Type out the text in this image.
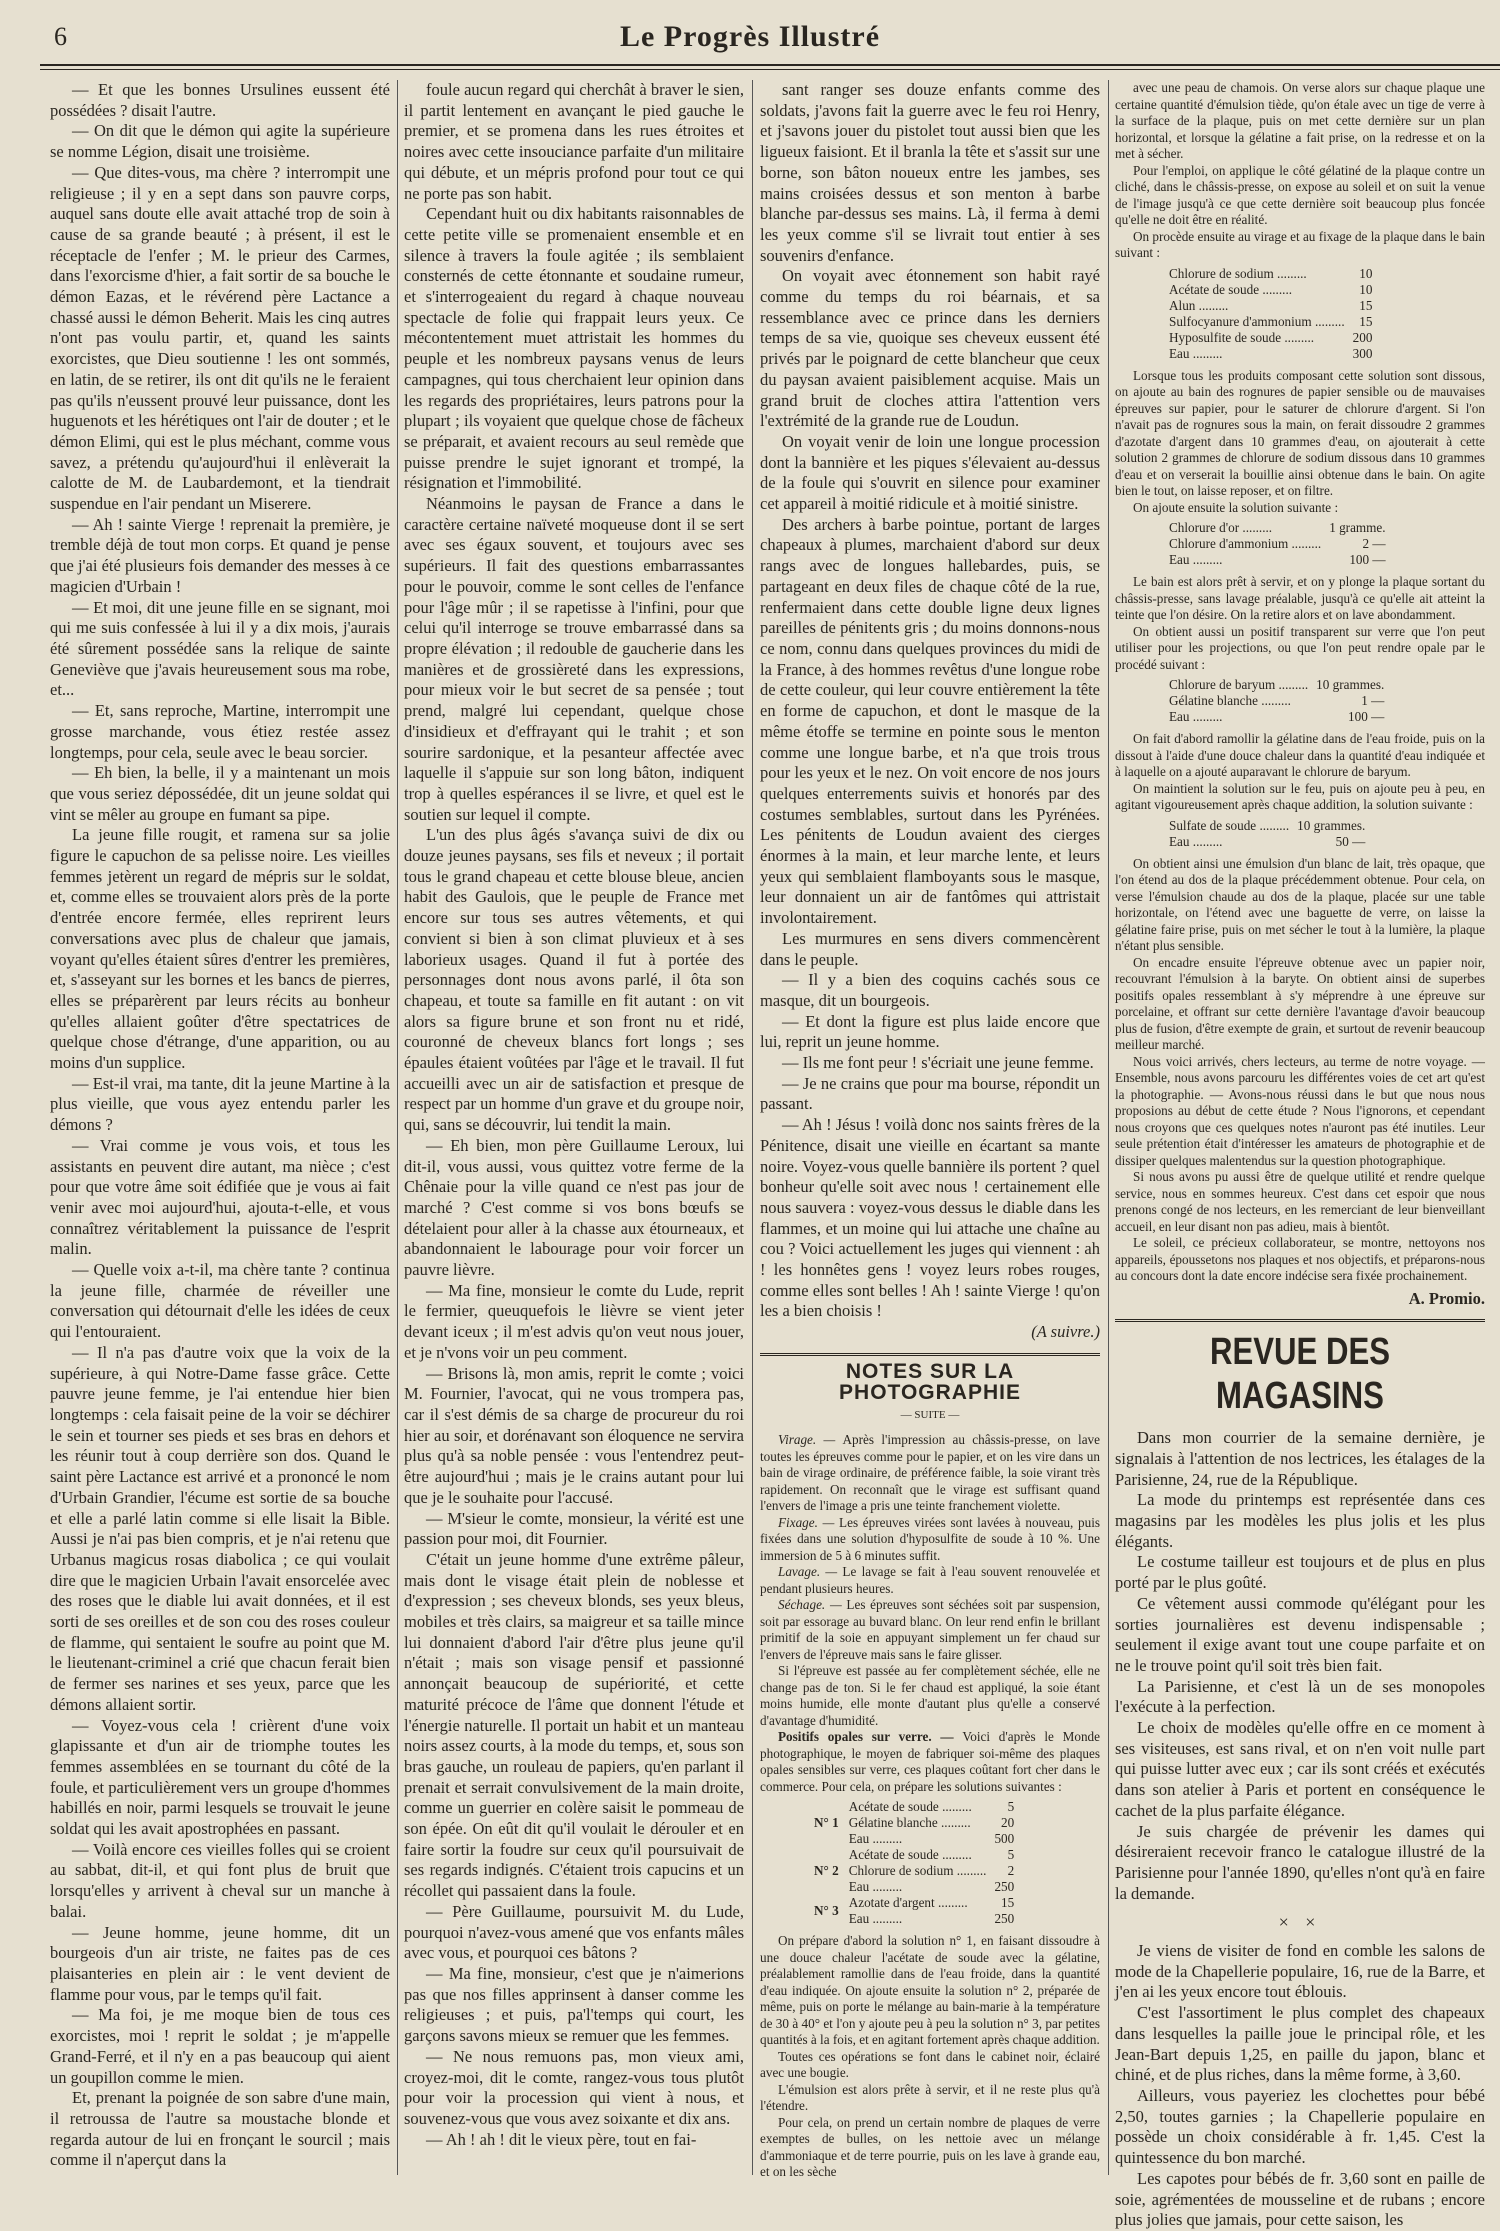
6	Le Progrès Illustré

— Et que les bonnes Ursulines eussent été possédées ? disait l'autre.

— On dit que le démon qui agite la supérieure se nomme Légion, disait une troisième.

— Que dites-vous, ma chère ? interrompit une religieuse ; il y en a sept dans son pauvre corps, auquel sans doute elle avait attaché trop de soin à cause de sa grande beauté ; à présent, il est le réceptacle de l'enfer ; M. le prieur des Carmes, dans l'exorcisme d'hier, a fait sortir de sa bouche le démon Eazas, et le révérend père Lactance a chassé aussi le démon Beherit. Mais les cinq autres n'ont pas voulu partir, et, quand les saints exorcistes, que Dieu soutienne ! les ont sommés, en latin, de se retirer, ils ont dit qu'ils ne le feraient pas qu'ils n'eussent prouvé leur puissance, dont les huguenots et les hérétiques ont l'air de douter ; et le démon Elimi, qui est le plus méchant, comme vous savez, a prétendu qu'aujourd'hui il enlèverait la calotte de M. de Laubardemont, et la tiendrait suspendue en l'air pendant un Miserere.

— Ah ! sainte Vierge ! reprenait la première, je tremble déjà de tout mon corps. Et quand je pense que j'ai été plusieurs fois demander des messes à ce magicien d'Urbain !

— Et moi, dit une jeune fille en se signant, moi qui me suis confessée à lui il y a dix mois, j'aurais été sûrement possédée sans la relique de sainte Geneviève que j'avais heureusement sous ma robe, et...

— Et, sans reproche, Martine, interrompit une grosse marchande, vous étiez restée assez longtemps, pour cela, seule avec le beau sorcier.

— Eh bien, la belle, il y a maintenant un mois que vous seriez dépossédée, dit un jeune soldat qui vint se mêler au groupe en fumant sa pipe.

La jeune fille rougit, et ramena sur sa jolie figure le capuchon de sa pelisse noire. Les vieilles femmes jetèrent un regard de mépris sur le soldat, et, comme elles se trouvaient alors près de la porte d'entrée encore fermée, elles reprirent leurs conversations avec plus de chaleur que jamais, voyant qu'elles étaient sûres d'entrer les premières, et, s'asseyant sur les bornes et les bancs de pierres, elles se préparèrent par leurs récits au bonheur qu'elles allaient goûter d'être spectatrices de quelque chose d'étrange, d'une apparition, ou au moins d'un supplice.

— Est-il vrai, ma tante, dit la jeune Martine à la plus vieille, que vous ayez entendu parler les démons ?

— Vrai comme je vous vois, et tous les assistants en peuvent dire autant, ma nièce ; c'est pour que votre âme soit édifiée que je vous ai fait venir avec moi aujourd'hui, ajouta-t-elle, et vous connaîtrez véritablement la puissance de l'esprit malin.

— Quelle voix a-t-il, ma chère tante ? continua la jeune fille, charmée de réveiller une conversation qui détournait d'elle les idées de ceux qui l'entouraient.

— Il n'a pas d'autre voix que la voix de la supérieure, à qui Notre-Dame fasse grâce. Cette pauvre jeune femme, je l'ai entendue hier bien longtemps : cela faisait peine de la voir se déchirer le sein et tourner ses pieds et ses bras en dehors et les réunir tout à coup derrière son dos. Quand le saint père Lactance est arrivé et a prononcé le nom d'Urbain Grandier, l'écume est sortie de sa bouche et elle a parlé latin comme si elle lisait la Bible. Aussi je n'ai pas bien compris, et je n'ai retenu que Urbanus magicus rosas diabolica ; ce qui voulait dire que le magicien Urbain l'avait ensorcelée avec des roses que le diable lui avait données, et il est sorti de ses oreilles et de son cou des roses couleur de flamme, qui sentaient le soufre au point que M. le lieutenant-criminel a crié que chacun ferait bien de fermer ses narines et ses yeux, parce que les démons allaient sortir.

— Voyez-vous cela ! crièrent d'une voix glapissante et d'un air de triomphe toutes les femmes assemblées en se tournant du côté de la foule, et particulièrement vers un groupe d'hommes habillés en noir, parmi lesquels se trouvait le jeune soldat qui les avait apostrophées en passant.

— Voilà encore ces vieilles folles qui se croient au sabbat, dit-il, et qui font plus de bruit que lorsqu'elles y arrivent à cheval sur un manche à balai.

— Jeune homme, jeune homme, dit un bourgeois d'un air triste, ne faites pas de ces plaisanteries en plein air : le vent devient de flamme pour vous, par le temps qu'il fait.

— Ma foi, je me moque bien de tous ces exorcistes, moi ! reprit le soldat ; je m'appelle Grand-Ferré, et il n'y en a pas beaucoup qui aient un goupillon comme le mien.

Et, prenant la poignée de son sabre d'une main, il retroussa de l'autre sa moustache blonde et regarda autour de lui en fronçant le sourcil ; mais comme il n'aperçut dans la

foule aucun regard qui cherchât à braver le sien, il partit lentement en avançant le pied gauche le premier, et se promena dans les rues étroites et noires avec cette insouciance parfaite d'un militaire qui débute, et un mépris profond pour tout ce qui ne porte pas son habit.

Cependant huit ou dix habitants raisonnables de cette petite ville se promenaient ensemble et en silence à travers la foule agitée ; ils semblaient consternés de cette étonnante et soudaine rumeur, et s'interrogeaient du regard à chaque nouveau spectacle de folie qui frappait leurs yeux. Ce mécontentement muet attristait les hommes du peuple et les nombreux paysans venus de leurs campagnes, qui tous cherchaient leur opinion dans les regards des propriétaires, leurs patrons pour la plupart ; ils voyaient que quelque chose de fâcheux se préparait, et avaient recours au seul remède que puisse prendre le sujet ignorant et trompé, la résignation et l'immobilité.

Néanmoins le paysan de France a dans le caractère certaine naïveté moqueuse dont il se sert avec ses égaux souvent, et toujours avec ses supérieurs. Il fait des questions embarrassantes pour le pouvoir, comme le sont celles de l'enfance pour l'âge mûr ; il se rapetisse à l'infini, pour que celui qu'il interroge se trouve embarrassé dans sa propre élévation ; il redouble de gaucherie dans les manières et de grossièreté dans les expressions, pour mieux voir le but secret de sa pensée ; tout prend, malgré lui cependant, quelque chose d'insidieux et d'effrayant qui le trahit ; et son sourire sardonique, et la pesanteur affectée avec laquelle il s'appuie sur son long bâton, indiquent trop à quelles espérances il se livre, et quel est le soutien sur lequel il compte.

L'un des plus âgés s'avança suivi de dix ou douze jeunes paysans, ses fils et neveux ; il portait tous le grand chapeau et cette blouse bleue, ancien habit des Gaulois, que le peuple de France met encore sur tous ses autres vêtements, et qui convient si bien à son climat pluvieux et à ses laborieux usages. Quand il fut à portée des personnages dont nous avons parlé, il ôta son chapeau, et toute sa famille en fit autant : on vit alors sa figure brune et son front nu et ridé, couronné de cheveux blancs fort longs ; ses épaules étaient voûtées par l'âge et le travail. Il fut accueilli avec un air de satisfaction et presque de respect par un homme d'un grave et du groupe noir, qui, sans se découvrir, lui tendit la main.

— Eh bien, mon père Guillaume Leroux, lui dit-il, vous aussi, vous quittez votre ferme de la Chênaie pour la ville quand ce n'est pas jour de marché ? C'est comme si vos bons bœufs se dételaient pour aller à la chasse aux étourneaux, et abandonnaient le labourage pour voir forcer un pauvre lièvre.

— Ma fine, monsieur le comte du Lude, reprit le fermier, queuquefois le lièvre se vient jeter devant iceux ; il m'est advis qu'on veut nous jouer, et je n'vons voir un peu comment.

— Brisons là, mon amis, reprit le comte ; voici M. Fournier, l'avocat, qui ne vous trompera pas, car il s'est démis de sa charge de procureur du roi hier au soir, et dorénavant son éloquence ne servira plus qu'à sa noble pensée : vous l'entendrez peut-être aujourd'hui ; mais je le crains autant pour lui que je le souhaite pour l'accusé.

— M'sieur le comte, monsieur, la vérité est une passion pour moi, dit Fournier.

C'était un jeune homme d'une extrême pâleur, mais dont le visage était plein de noblesse et d'expression ; ses cheveux blonds, ses yeux bleus, mobiles et très clairs, sa maigreur et sa taille mince lui donnaient d'abord l'air d'être plus jeune qu'il n'était ; mais son visage pensif et passionné annonçait beaucoup de supériorité, et cette maturité précoce de l'âme que donnent l'étude et l'énergie naturelle. Il portait un habit et un manteau noirs assez courts, à la mode du temps, et, sous son bras gauche, un rouleau de papiers, qu'en parlant il prenait et serrait convulsivement de la main droite, comme un guerrier en colère saisit le pommeau de son épée. On eût dit qu'il voulait le dérouler et en faire sortir la foudre sur ceux qu'il poursuivait de ses regards indignés. C'étaient trois capucins et un récollet qui passaient dans la foule.

— Père Guillaume, poursuivit M. du Lude, pourquoi n'avez-vous amené que vos enfants mâles avec vous, et pourquoi ces bâtons ?

— Ma fine, monsieur, c'est que je n'aimerions pas que nos filles apprinsent à danser comme les religieuses ; et puis, pa'l'temps qui court, les garçons savons mieux se remuer que les femmes.

— Ne nous remuons pas, mon vieux ami, croyez-moi, dit le comte, rangez-vous tous plutôt pour voir la procession qui vient à nous, et souvenez-vous que vous avez soixante et dix ans.

— Ah ! ah ! dit le vieux père, tout en fai-

sant ranger ses douze enfants comme des soldats, j'avons fait la guerre avec le feu roi Henry, et j'savons jouer du pistolet tout aussi bien que les ligueux faisiont. Et il branla la tête et s'assit sur une borne, son bâton noueux entre les jambes, ses mains croisées dessus et son menton à barbe blanche par-dessus ses mains. Là, il ferma à demi les yeux comme s'il se livrait tout entier à ses souvenirs d'enfance.

On voyait avec étonnement son habit rayé comme du temps du roi béarnais, et sa ressemblance avec ce prince dans les derniers temps de sa vie, quoique ses cheveux eussent été privés par le poignard de cette blancheur que ceux du paysan avaient paisiblement acquise. Mais un grand bruit de cloches attira l'attention vers l'extrémité de la grande rue de Loudun.

On voyait venir de loin une longue procession dont la bannière et les piques s'élevaient au-dessus de la foule qui s'ouvrit en silence pour examiner cet appareil à moitié ridicule et à moitié sinistre.

Des archers à barbe pointue, portant de larges chapeaux à plumes, marchaient d'abord sur deux rangs avec de longues hallebardes, puis, se partageant en deux files de chaque côté de la rue, renfermaient dans cette double ligne deux lignes pareilles de pénitents gris ; du moins donnons-nous ce nom, connu dans quelques provinces du midi de la France, à des hommes revêtus d'une longue robe de cette couleur, qui leur couvre entièrement la tête en forme de capuchon, et dont le masque de la même étoffe se termine en pointe sous le menton comme une longue barbe, et n'a que trois trous pour les yeux et le nez. On voit encore de nos jours quelques enterrements suivis et honorés par des costumes semblables, surtout dans les Pyrénées. Les pénitents de Loudun avaient des cierges énormes à la main, et leur marche lente, et leurs yeux qui semblaient flamboyants sous le masque, leur donnaient un air de fantômes qui attristait involontairement.

Les murmures en sens divers commencèrent dans le peuple.

— Il y a bien des coquins cachés sous ce masque, dit un bourgeois.

— Et dont la figure est plus laide encore que lui, reprit un jeune homme.

— Ils me font peur ! s'écriait une jeune femme.

— Je ne crains que pour ma bourse, répondit un passant.

— Ah ! Jésus ! voilà donc nos saints frères de la Pénitence, disait une vieille en écartant sa mante noire. Voyez-vous quelle bannière ils portent ? quel bonheur qu'elle soit avec nous ! certainement elle nous sauvera : voyez-vous dessus le diable dans les flammes, et un moine qui lui attache une chaîne au cou ? Voici actuellement les juges qui viennent : ah ! les honnêtes gens ! voyez leurs robes rouges, comme elles sont belles ! Ah ! sainte Vierge ! qu'on les a bien choisis !

(A suivre.)

NOTES SUR LA PHOTOGRAPHIE
— SUITE —

Virage. — Après l'impression au châssis-presse, on lave toutes les épreuves comme pour le papier, et on les vire dans un bain de virage ordinaire, de préférence faible, la soie virant très rapidement. On reconnaît que le virage est suffisant quand l'envers de l'image a pris une teinte franchement violette.

Fixage. — Les épreuves virées sont lavées à nouveau, puis fixées dans une solution d'hyposulfite de soude à 10 %. Une immersion de 5 à 6 minutes suffit.

Lavage. — Le lavage se fait à l'eau souvent renouvelée et pendant plusieurs heures.

Séchage. — Les épreuves sont séchées soit par suspension, soit par essorage au buvard blanc. On leur rend enfin le brillant primitif de la soie en appuyant simplement un fer chaud sur l'envers de l'épreuve mais sans le faire glisser.

Si l'épreuve est passée au fer complètement séchée, elle ne change pas de ton. Si le fer chaud est appliqué, la soie étant moins humide, elle monte d'autant plus qu'elle a conservé d'avantage d'humidité.

Positifs opales sur verre. — Voici d'après le Monde photographique, le moyen de fabriquer soi-même des plaques opales sensibles sur verre, ces plaques coûtant fort cher dans le commerce. Pour cela, on prépare les solutions suivantes :

N° 1	Acétate de soude .........	5
	Gélatine blanche .........	20
	Eau .........	500
N° 2	Acétate de soude .........	5
	Chlorure de sodium .........	2
	Eau .........	250
N° 3	Azotate d'argent .........	15
	Eau .........	250

On prépare d'abord la solution n° 1, en faisant dissoudre à une douce chaleur l'acétate de soude avec la gélatine, préalablement ramollie dans de l'eau froide, dans la quantité d'eau indiquée. On ajoute ensuite la solution n° 2, préparée de même, puis on porte le mélange au bain-marie à la température de 30 à 40° et l'on y ajoute peu à peu la solution n° 3, par petites quantités à la fois, et en agitant fortement après chaque addition.

Toutes ces opérations se font dans le cabinet noir, éclairé avec une bougie.

L'émulsion est alors prête à servir, et il ne reste plus qu'à l'étendre.

Pour cela, on prend un certain nombre de plaques de verre exemptes de bulles, on les nettoie avec un mélange d'ammoniaque et de terre pourrie, puis on les lave à grande eau, et on les sèche

avec une peau de chamois. On verse alors sur chaque plaque une certaine quantité d'émulsion tiède, qu'on étale avec un tige de verre à la surface de la plaque, puis on met cette dernière sur un plan horizontal, et lorsque la gélatine a fait prise, on la redresse et on la met à sécher.

Pour l'emploi, on applique le côté gélatiné de la plaque contre un cliché, dans le châssis-presse, on expose au soleil et on suit la venue de l'image jusqu'à ce que cette dernière soit beaucoup plus foncée qu'elle ne doit être en réalité.

On procède ensuite au virage et au fixage de la plaque dans le bain suivant :

Chlorure de sodium .........	10
Acétate de soude .........	10
Alun .........	15
Sulfocyanure d'ammonium .........	15
Hyposulfite de soude .........	200
Eau .........	300

Lorsque tous les produits composant cette solution sont dissous, on ajoute au bain des rognures de papier sensible ou de mauvaises épreuves sur papier, pour le saturer de chlorure d'argent. Si l'on n'avait pas de rognures sous la main, on ferait dissoudre 2 grammes d'azotate d'argent dans 10 grammes d'eau, on ajouterait à cette solution 2 grammes de chlorure de sodium dissous dans 10 grammes d'eau et on verserait la bouillie ainsi obtenue dans le bain. On agite bien le tout, on laisse reposer, et on filtre.

On ajoute ensuite la solution suivante :

Chlorure d'or .........	1 gramme.
Chlorure d'ammonium .........	2 —
Eau .........	100 —

Le bain est alors prêt à servir, et on y plonge la plaque sortant du châssis-presse, sans lavage préalable, jusqu'à ce qu'elle ait atteint la teinte que l'on désire. On la retire alors et on lave abondamment.

On obtient aussi un positif transparent sur verre que l'on peut utiliser pour les projections, ou que l'on peut rendre opale par le procédé suivant :

Chlorure de baryum .........	10 grammes.
Gélatine blanche .........	1 —
Eau .........	100 —

On fait d'abord ramollir la gélatine dans de l'eau froide, puis on la dissout à l'aide d'une douce chaleur dans la quantité d'eau indiquée et à laquelle on a ajouté auparavant le chlorure de baryum.

On maintient la solution sur le feu, puis on ajoute peu à peu, en agitant vigoureusement après chaque addition, la solution suivante :

Sulfate de soude .........	10 grammes.
Eau .........	50 —

On obtient ainsi une émulsion d'un blanc de lait, très opaque, que l'on étend au dos de la plaque précédemment obtenue. Pour cela, on verse l'émulsion chaude au dos de la plaque, placée sur une table horizontale, on l'étend avec une baguette de verre, on laisse la gélatine faire prise, puis on met sécher le tout à la lumière, la plaque n'étant plus sensible.

On encadre ensuite l'épreuve obtenue avec un papier noir, recouvrant l'émulsion à la baryte. On obtient ainsi de superbes positifs opales ressemblant à s'y méprendre à une épreuve sur porcelaine, et offrant sur cette dernière l'avantage d'avoir beaucoup plus de fusion, d'être exempte de grain, et surtout de revenir beaucoup meilleur marché.

Nous voici arrivés, chers lecteurs, au terme de notre voyage. — Ensemble, nous avons parcouru les différentes voies de cet art qu'est la photographie. — Avons-nous réussi dans le but que nous nous proposions au début de cette étude ? Nous l'ignorons, et cependant nous croyons que ces quelques notes n'auront pas été inutiles. Leur seule prétention était d'intéresser les amateurs de photographie et de dissiper quelques malentendus sur la question photographique.

Si nous avons pu aussi être de quelque utilité et rendre quelque service, nous en sommes heureux. C'est dans cet espoir que nous prenons congé de nos lecteurs, en les remerciant de leur bienveillant accueil, en leur disant non pas adieu, mais à bientôt.

Le soleil, ce précieux collaborateur, se montre, nettoyons nos appareils, époussetons nos plaques et nos objectifs, et préparons-nous au concours dont la date encore indécise sera fixée prochainement.

A. Promio.

REVUE DES MAGASINS

Dans mon courrier de la semaine dernière, je signalais à l'attention de nos lectrices, les étalages de la Parisienne, 24, rue de la République.

La mode du printemps est représentée dans ces magasins par les modèles les plus jolis et les plus élégants.

Le costume tailleur est toujours et de plus en plus porté par le plus goûté.

Ce vêtement aussi commode qu'élégant pour les sorties journalières est devenu indispensable ; seulement il exige avant tout une coupe parfaite et on ne le trouve point qu'il soit très bien fait.

La Parisienne, et c'est là un de ses monopoles l'exécute à la perfection.

Le choix de modèles qu'elle offre en ce moment à ses visiteuses, est sans rival, et on n'en voit nulle part qui puisse lutter avec eux ; car ils sont créés et exécutés dans son atelier à Paris et portent en conséquence le cachet de la plus parfaite élégance.

Je suis chargée de prévenir les dames qui désireraient recevoir franco le catalogue illustré de la Parisienne pour l'année 1890, qu'elles n'ont qu'à en faire la demande.

× ×

Je viens de visiter de fond en comble les salons de mode de la Chapellerie populaire, 16, rue de la Barre, et j'en ai les yeux encore tout éblouis.

C'est l'assortiment le plus complet des chapeaux dans lesquelles la paille joue le principal rôle, et les Jean-Bart depuis 1,25, en paille du japon, blanc et chiné, et de plus riches, dans la même forme, à 3,60.

Ailleurs, vous payeriez les clochettes pour bébé 2,50, toutes garnies ; la Chapellerie populaire en possède un choix considérable à fr. 1,45. C'est la quintessence du bon marché.

Les capotes pour bébés de fr. 3,60 sont en paille de soie, agrémentées de mousseline et de rubans ; encore plus jolies que jamais, pour cette saison, les
